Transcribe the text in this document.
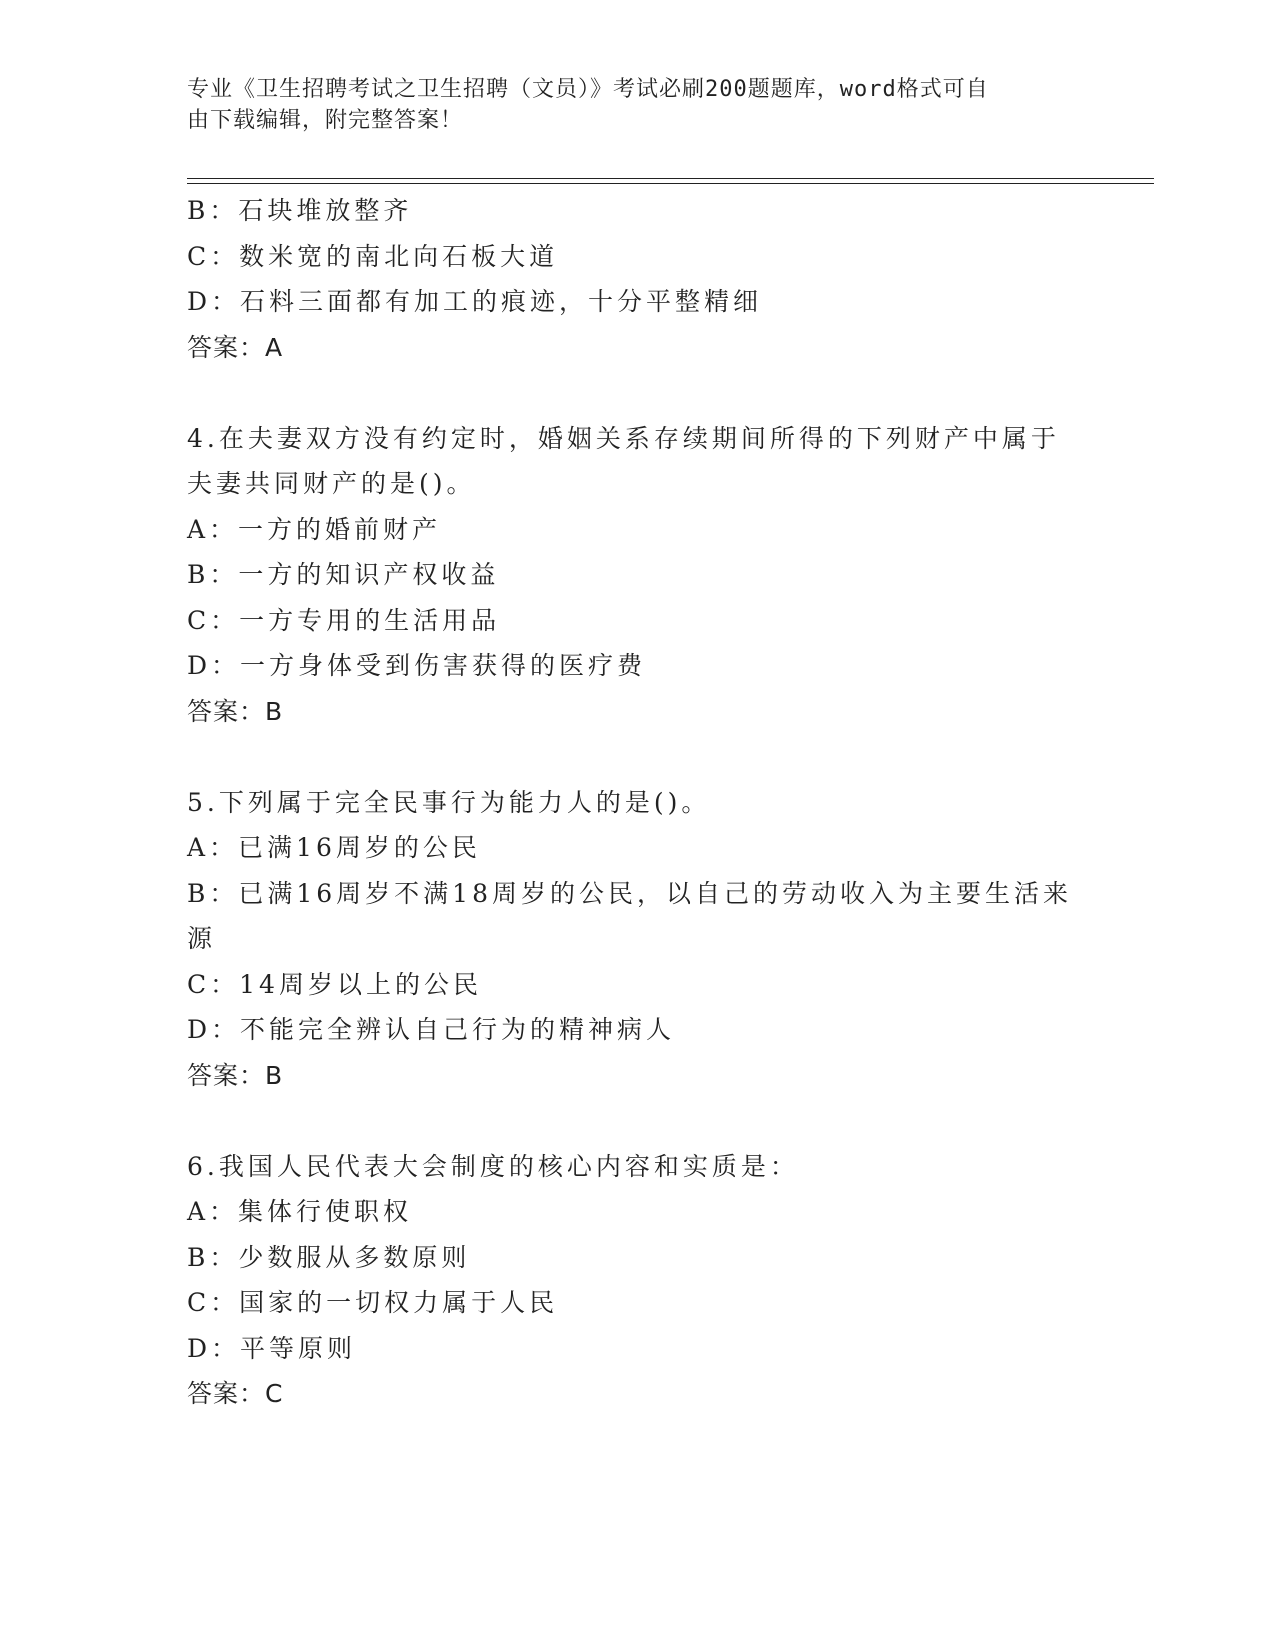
专业《卫生招聘考试之卫生招聘（文员）》考试必刷200题题库，word格式可自
由下载编辑，附完整答案！
B：石块堆放整齐
C：数米宽的南北向石板大道
D：石料三面都有加工的痕迹，十分平整精细
答案：A
4.在夫妻双方没有约定时，婚姻关系存续期间所得的下列财产中属于
夫妻共同财产的是()。
A：一方的婚前财产
B：一方的知识产权收益
C：一方专用的生活用品
D：一方身体受到伤害获得的医疗费
答案：B
5.下列属于完全民事行为能力人的是()。
A：已满16周岁的公民
B：已满16周岁不满18周岁的公民，以自己的劳动收入为主要生活来
源
C：14周岁以上的公民
D：不能完全辨认自己行为的精神病人
答案：B
6.我国人民代表大会制度的核心内容和实质是：
A：集体行使职权
B：少数服从多数原则
C：国家的一切权力属于人民
D：平等原则
答案：C
